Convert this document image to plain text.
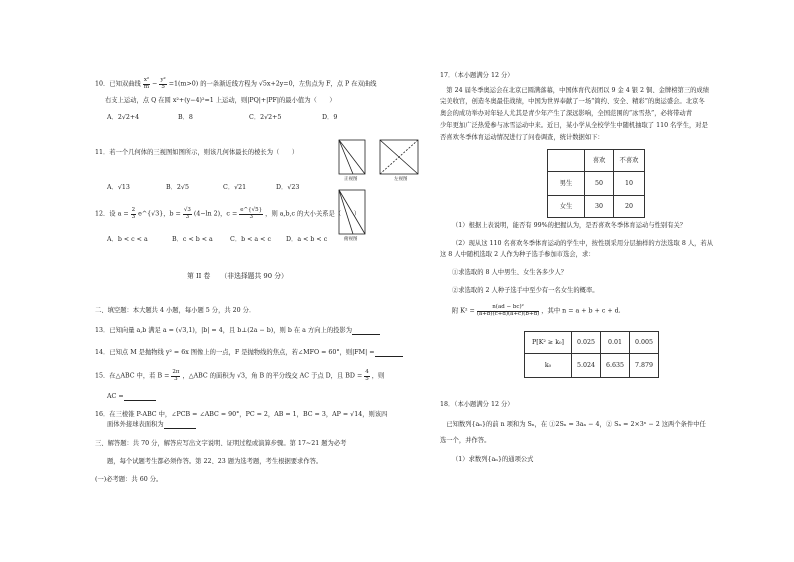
10．已知双曲线 $\frac{\text{x²}}{m} - \frac{\text{y²}}{5} =1(m>0)$ 的一条渐近线方程为 √5x+2y=0，左焦点为 F，点 P 在双曲线
右支上运动，点 Q 在圆 x²+(y−4)²=1 上运动，则|PQ|+|PF|的最小值为（　　）
A．2√2+4	B．8	C．2√2+5	D．9
11．若一个几何体的三视图如图所示，则该几何体最长的棱长为（　　）
A．√13	B．2√5	C．√21	D．√23
正视图	左视图
俯视图
12．设 $a = \frac{2}{3}$ e^{√3}，$b = \frac{√3}{3} (4-\ln$ 2)，$c = \frac{e\^{}\{√5\}}{3}$ ，则 a,b,c 的大小关系是（　　）
A．b < c < a	B．c < b < a	C．b < a < c D．a < b < c
第 II 卷　　（非选择题共 90 分）
二、填空题：本大题共 4 小题，每小题 5 分，共 20 分．
13．已知向量 a,b 满足 a = (√3,1)，|b| = 4，且 b⊥(2a − b)，则 b 在 a 方向上的投影为
14．已知点 M 是抛物线 y² = 6x 图像上的一点，F 是抛物线的焦点，若∠MFO = 60°，则|FM| =
15．在△ABC 中，若 $B = \frac{2\pi}{3}$ ，△ABC 的面积为 √3，角 B 的平分线交 AC 于点 D，且 BD = $\frac{4}{5}$ ，则
AC =
16．在三棱锥 P-ABC 中，∠PCB = ∠ABC = 90°，PC = 2，AB = 1，BC = 3，AP = √14，则该四
面体外接球表面积为
三、解答题：共 70 分，解答应写出文字说明、证明过程或演算步骤。第 17~21 题为必考
题，每个试题考生都必须作答。第 22、23 题为选考题，考生根据要求作答。
(一)必考题：共 60 分。
17．（本小题满分 12 分）
　第 24 届冬季奥运会在北京已圆满落幕，中国体育代表团以 9 金 4 银 2 铜、金牌榜第三的成绩
完美收官，创造冬奥最佳战绩，中国为世界奉献了一场“简约、安全、精彩”的奥运盛会。北京冬
奥会的成功举办对年轻人尤其是青少年产生了深远影响，全国范围的“冰雪热”，必将带动青
少年更加广泛热爱参与冰雪运动中来。近日，某小学从全校学生中随机抽取了 110 名学生，对是
否喜欢冬季体育运动情况进行了问卷调查，统计数据如下：
	喜欢	不喜欢
男生	50	10
女生	30	20
（1）根据上表说明，能否有 99%的把握认为，是否喜欢冬季体育运动与性别有关？
（2）现从这 110 名喜欢冬季体育运动的学生中，按性别采用分层抽样的方法选取 8 人，若从
这 8 人中随机选取 2 人作为种子选手参加市选会，求：
①求选取的 8 人中男生、女生各多少人？
②求选取的 2 人种子选手中至少有一名女生的概率。
附 $K^2 = \frac{\text{n(ad − bc)²}}{(a+b)(c+d)(a+c)(b+d)}$ ，其中 n = a + b + c + d.
P[K² ≥ k₀]	0.025	0.01	0.005
k₀	5.024	6.635	7.879
18．（本小题满分 12 分）
　已知数列{aₙ}的前 n 项和为 Sₙ，在 ①2Sₙ = 3aₙ − 4，② Sₙ = 2×3ⁿ − 2 这两个条件中任
选一个，并作答。
（1）求数列{aₙ}的通项公式
